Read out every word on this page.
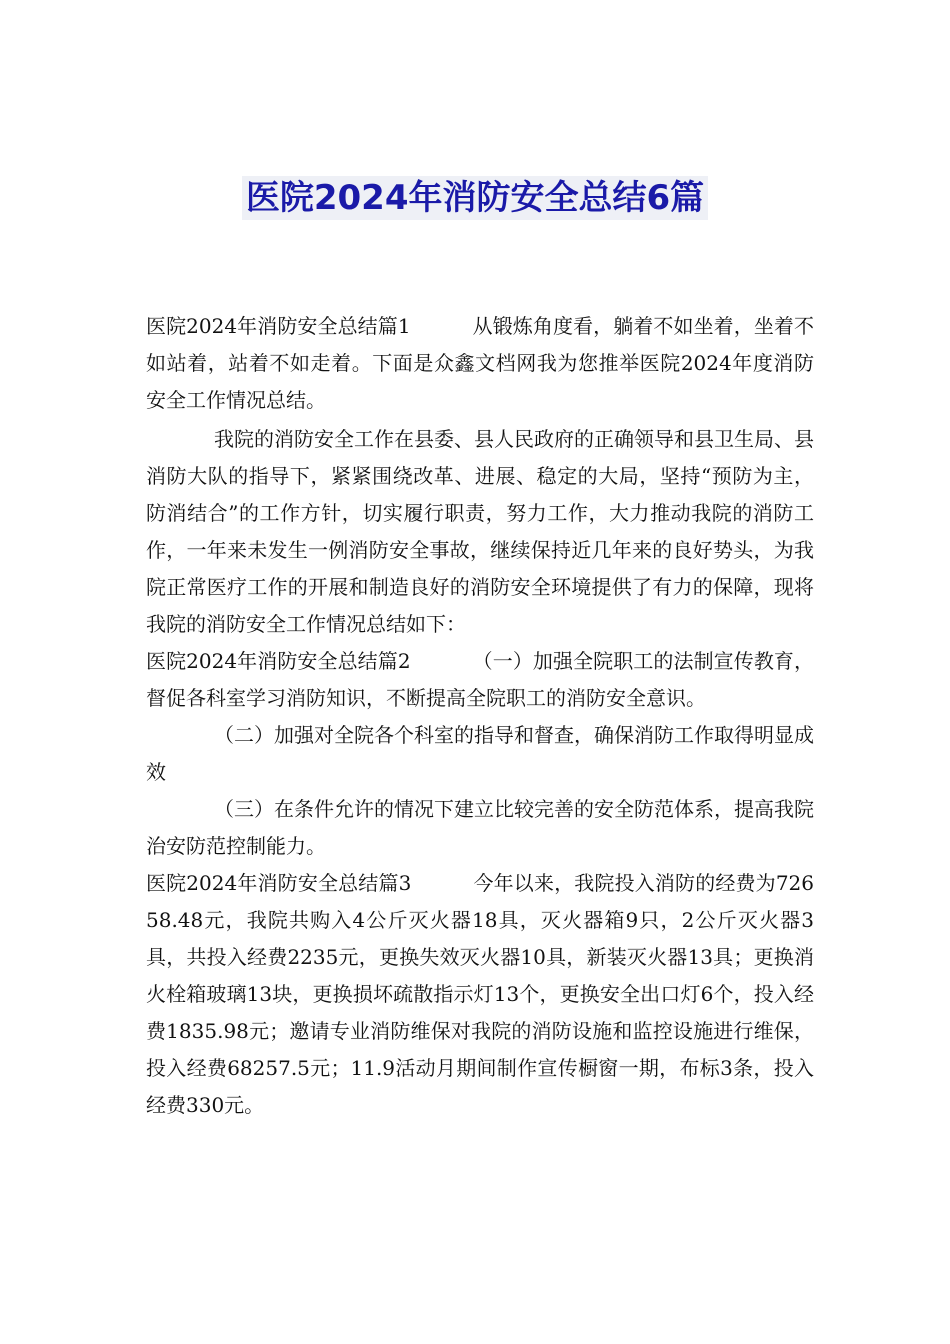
医院2024年消防安全总结6篇

医院2024年消防安全总结篇1	从锻炼角度看，躺着不如坐着，坐着不如站着，站着不如走着。下面是众鑫文档网我为您推举医院2024年度消防安全工作情况总结。

我院的消防安全工作在县委、县人民政府的正确领导和县卫生局、县消防大队的指导下，紧紧围绕改革、进展、稳定的大局，坚持“预防为主，防消结合”的工作方针，切实履行职责，努力工作，大力推动我院的消防工作，一年来未发生一例消防安全事故，继续保持近几年来的良好势头，为我院正常医疗工作的开展和制造良好的消防安全环境提供了有力的保障，现将我院的消防安全工作情况总结如下：

医院2024年消防安全总结篇2	（一）加强全院职工的法制宣传教育，督促各科室学习消防知识，不断提高全院职工的消防安全意识。

（二）加强对全院各个科室的指导和督查，确保消防工作取得明显成效

（三）在条件允许的情况下建立比较完善的安全防范体系，提高我院治安防范控制能力。

医院2024年消防安全总结篇3	今年以来，我院投入消防的经费为72658.48元，我院共购入4公斤灭火器18具，灭火器箱9只，2公斤灭火器3具，共投入经费2235元，更换失效灭火器10具，新装灭火器13具；更换消火栓箱玻璃13块，更换损坏疏散指示灯13个，更换安全出口灯6个，投入经费1835.98元；邀请专业消防维保对我院的消防设施和监控设施进行维保，投入经费68257.5元；11.9活动月期间制作宣传橱窗一期，布标3条，投入经费330元。
